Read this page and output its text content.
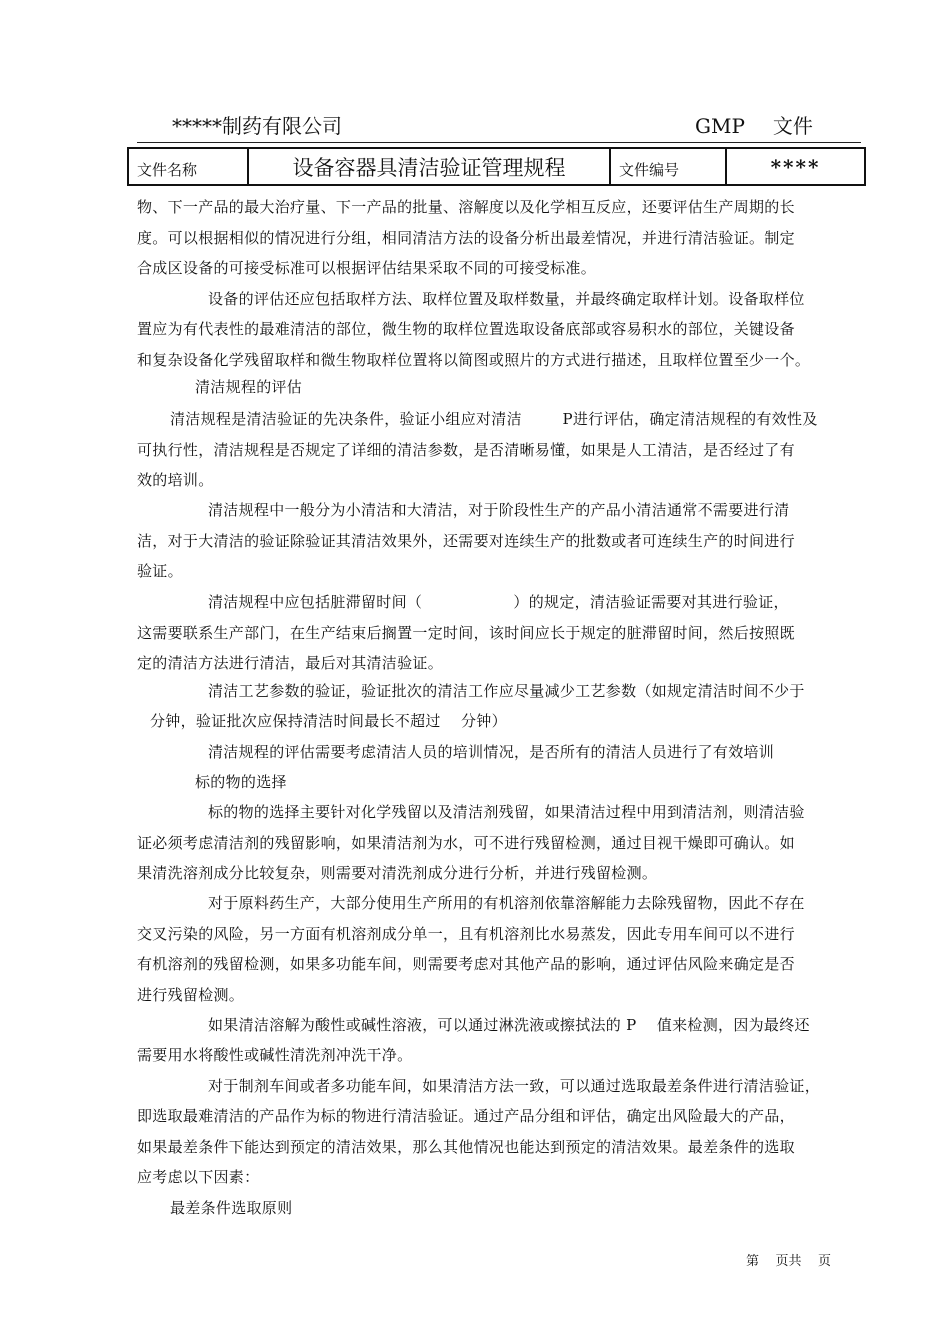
*****制药有限公司	GMP 文件
文件名称	设备容器具清洁验证管理规程	文件编号	****
物、下一产品的最大治疗量、下一产品的批量、溶解度以及化学相互反应，还要评估生产周期的长
度。可以根据相似的情况进行分组，相同清洁方法的设备分析出最差情况，并进行清洁验证。制定
合成区设备的可接受标准可以根据评估结果采取不同的可接受标准。
设备的评估还应包括取样方法、取样位置及取样数量，并最终确定取样计划。设备取样位
置应为有代表性的最难清洁的部位，微生物的取样位置选取设备底部或容易积水的部位，关键设备
和复杂设备化学残留取样和微生物取样位置将以简图或照片的方式进行描述，且取样位置至少一个。
清洁规程的评估
清洁规程是清洁验证的先决条件，验证小组应对清洁        P进行评估，确定清洁规程的有效性及
可执行性，清洁规程是否规定了详细的清洁参数，是否清晰易懂，如果是人工清洁，是否经过了有
效的培训。
清洁规程中一般分为小清洁和大清洁，对于阶段性生产的产品小清洁通常不需要进行清
洁，对于大清洁的验证除验证其清洁效果外，还需要对连续生产的批数或者可连续生产的时间进行
验证。
清洁规程中应包括脏滞留时间（                  ）的规定，清洁验证需要对其进行验证，
这需要联系生产部门，在生产结束后搁置一定时间，该时间应长于规定的脏滞留时间，然后按照既
定的清洁方法进行清洁，最后对其清洁验证。
清洁工艺参数的验证，验证批次的清洁工作应尽量减少工艺参数（如规定清洁时间不少于
分钟，验证批次应保持清洁时间最长不超过    分钟）
清洁规程的评估需要考虑清洁人员的培训情况，是否所有的清洁人员进行了有效培训
标的物的选择
标的物的选择主要针对化学残留以及清洁剂残留，如果清洁过程中用到清洁剂，则清洁验
证必须考虑清洁剂的残留影响，如果清洁剂为水，可不进行残留检测，通过目视干燥即可确认。如
果清洗溶剂成分比较复杂，则需要对清洗剂成分进行分析，并进行残留检测。
对于原料药生产，大部分使用生产所用的有机溶剂依靠溶解能力去除残留物，因此不存在
交叉污染的风险，另一方面有机溶剂成分单一，且有机溶剂比水易蒸发，因此专用车间可以不进行
有机溶剂的残留检测，如果多功能车间，则需要考虑对其他产品的影响，通过评估风险来确定是否
进行残留检测。
如果清洁溶解为酸性或碱性溶液，可以通过淋洗液或擦拭法的 P    值来检测，因为最终还
需要用水将酸性或碱性清洗剂冲洗干净。
对于制剂车间或者多功能车间，如果清洁方法一致，可以通过选取最差条件进行清洁验证，
即选取最难清洁的产品作为标的物进行清洁验证。通过产品分组和评估，确定出风险最大的产品，
如果最差条件下能达到预定的清洁效果，那么其他情况也能达到预定的清洁效果。最差条件的选取
应考虑以下因素：
最差条件选取原则
第    页共    页
